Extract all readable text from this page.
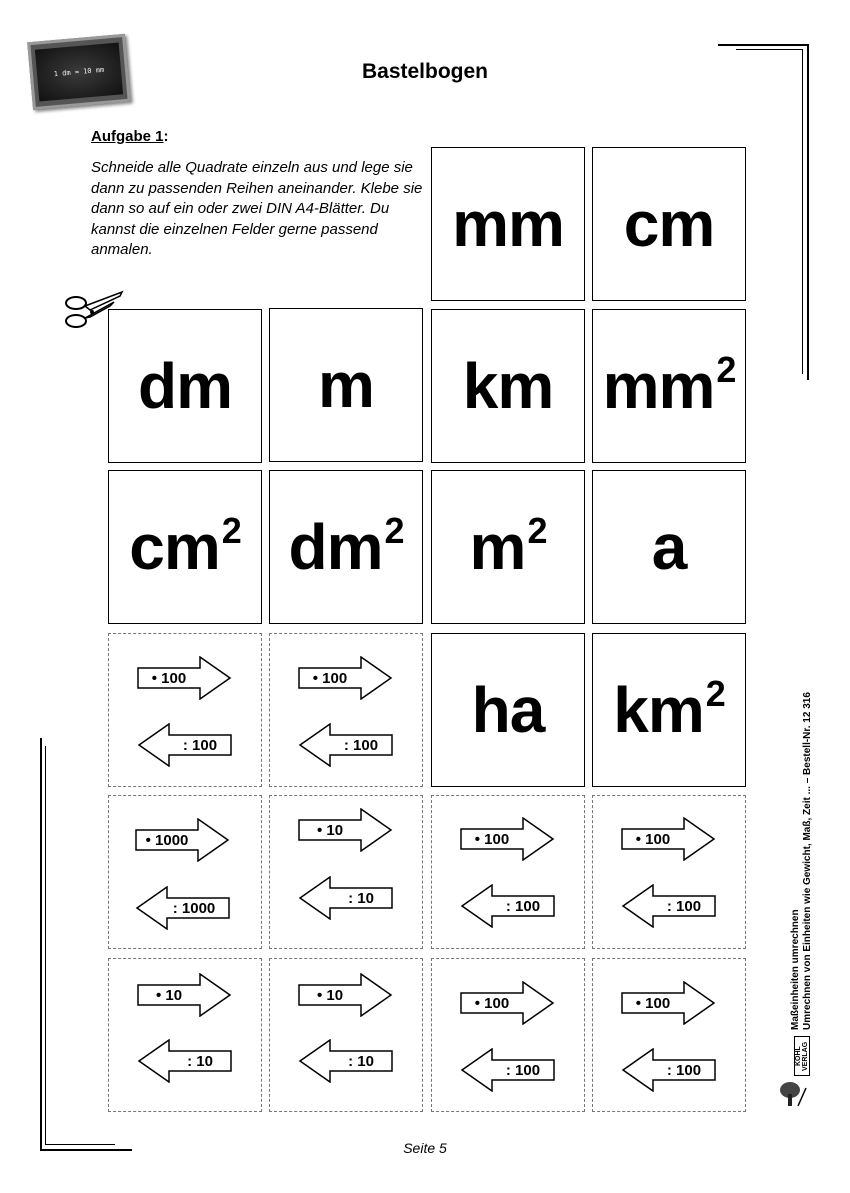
1 dm = 10 mm	Bastelbogen
Aufgabe 1:
Schneide alle Quadrate einzeln aus und lege sie dann zu passenden Reihen aneinander. Klebe sie dann so auf ein oder zwei DIN A4-Blätter. Du kannst die einzelnen Felder gerne passend anmalen.	mm cm
dm m km $mm^2$
$cm^2$ $dm^2$ $m^2$ a
• 100
: 100
• 100
: 100 ha $km^2$
• 1000
: 1000
• 10
: 10
• 100
: 100
• 100
: 100
• 10
: 10
• 10
: 10
• 100
: 100
• 100
: 100
Maßeinheiten umrechnen Umrechnen von Einheiten wie Gewicht, Maß, Zeit ... – Bestell-Nr. 12 316
KOHL VERLAG
Seite 5
